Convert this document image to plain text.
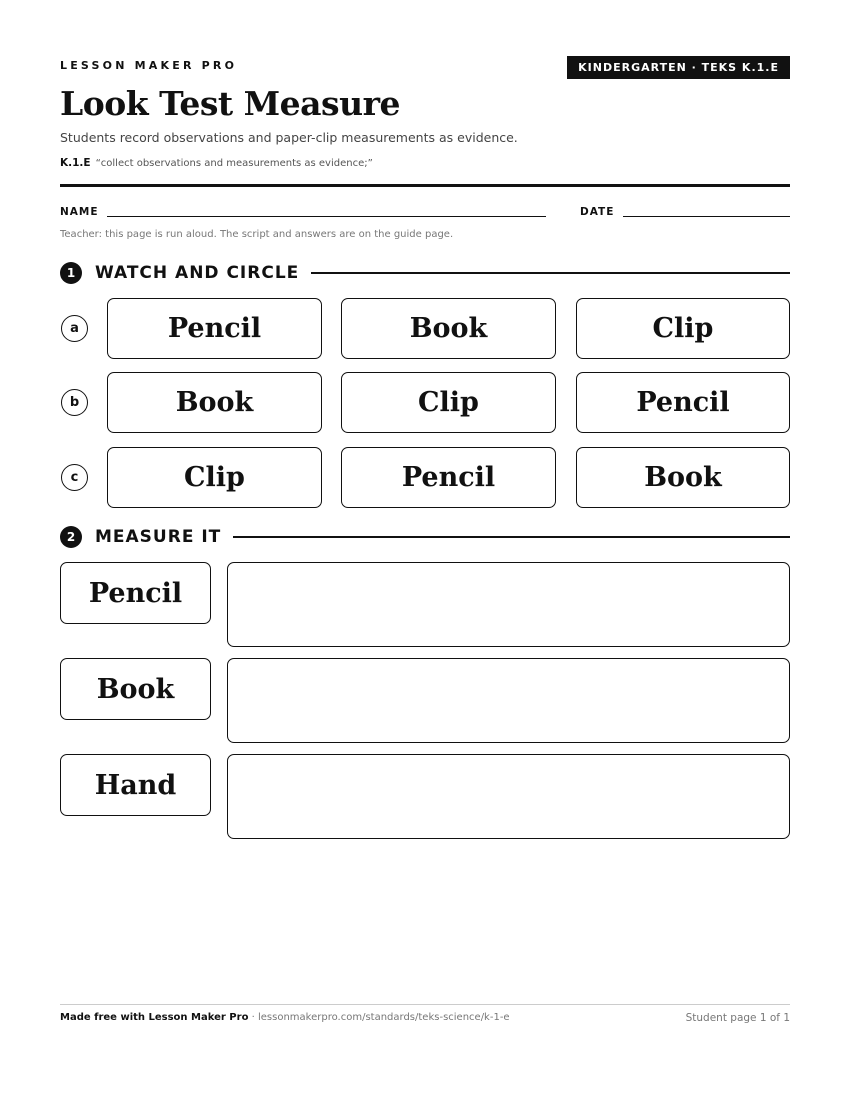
LESSON MAKER PRO	KINDERGARTEN · TEKS K.1.E
Look Test Measure
Students record observations and paper-clip measurements as evidence.
K.1.E “collect observations and measurements as evidence;”
NAME	DATE
Teacher: this page is run aloud. The script and answers are on the guide page.
1	WATCH AND CIRCLE
a	Pencil	Book	Clip
b	Book	Clip	Pencil
c	Clip	Pencil	Book
2	MEASURE IT
Pencil
Book
Hand
Made free with Lesson Maker Pro · lessonmakerpro.com/standards/teks-science/k-1-e	Student page 1 of 1
